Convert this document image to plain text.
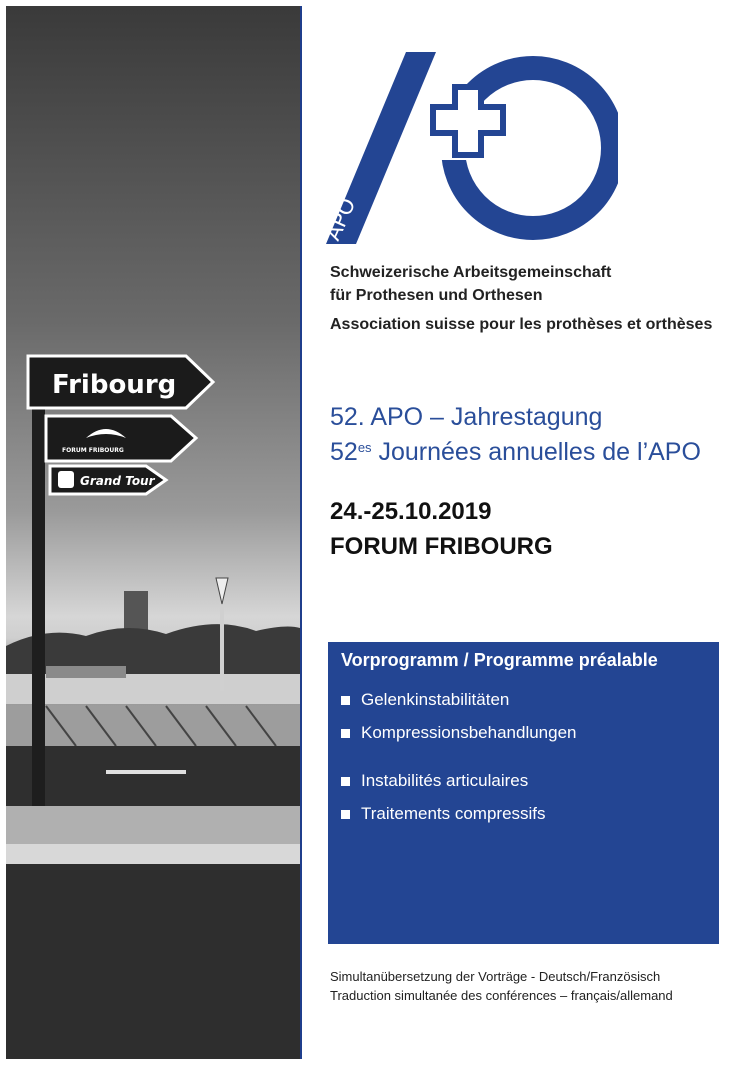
Fribourg
FORUM FRIBOURG
Grand Tour
APO
Schweizerische Arbeitsgemeinschaft
für Prothesen und Orthesen
Association suisse pour les prothèses et orthèses
52. APO – Jahrestagung
$52^{es}$ Journées annuelles de l’APO
24.-25.10.2019
FORUM FRIBOURG
Vorprogramm / Programme préalable
Gelenkinstabilitäten
Kompressionsbehandlungen
Instabilités articulaires
Traitements compressifs
Simultanübersetzung der Vorträge - Deutsch/Französisch
Traduction simultanée des conférences – français/allemand
